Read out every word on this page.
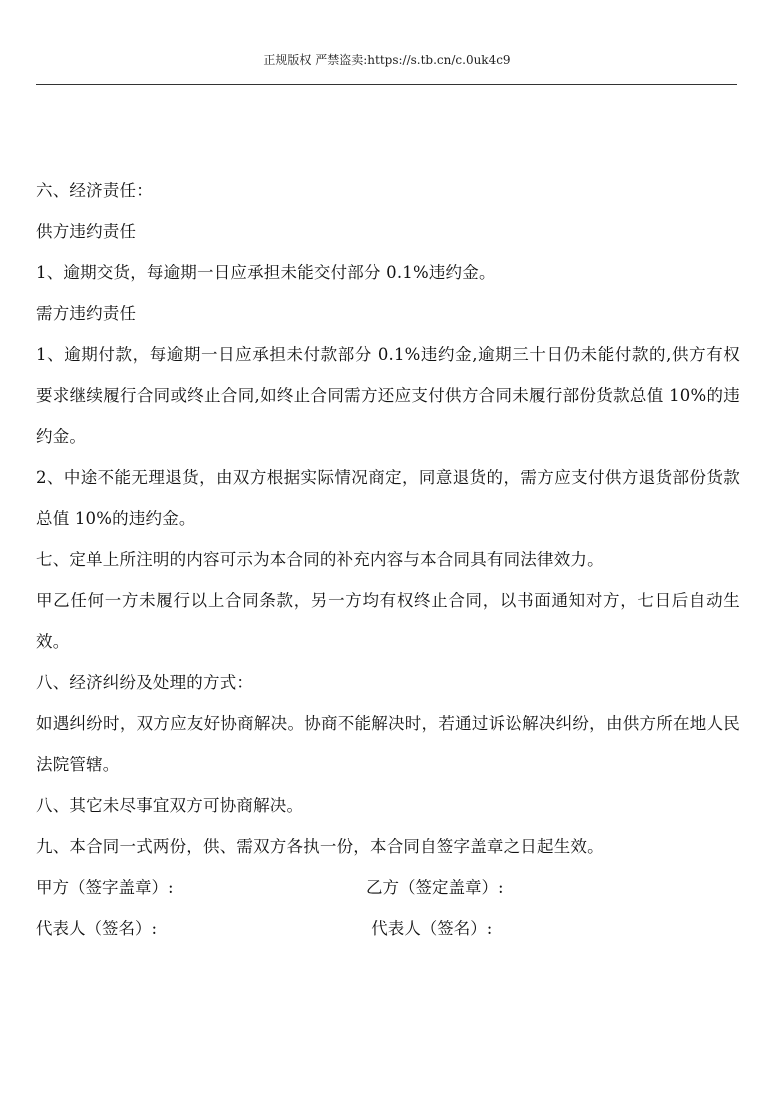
正规版权 严禁盗卖:https://s.tb.cn/c.0uk4c9

六、经济责任：

供方违约责任

1、逾期交货，每逾期一日应承担未能交付部分 0.1%违约金。

需方违约责任

1、逾期付款，每逾期一日应承担未付款部分 0.1%违约金,逾期三十日仍未能付款的,供方有权要求继续履行合同或终止合同,如终止合同需方还应支付供方合同未履行部份货款总值 10%的违约金。

2、中途不能无理退货，由双方根据实际情况商定，同意退货的，需方应支付供方退货部份货款总值 10%的违约金。

七、定单上所注明的内容可示为本合同的补充内容与本合同具有同法律效力。

甲乙任何一方未履行以上合同条款，另一方均有权终止合同，以书面通知对方，七日后自动生效。

八、经济纠纷及处理的方式：

如遇纠纷时，双方应友好协商解决。协商不能解决时，若通过诉讼解决纠纷，由供方所在地人民法院管辖。

八、其它未尽事宜双方可协商解决。

九、本合同一式两份，供、需双方各执一份，本合同自签字盖章之日起生效。

甲方（签字盖章）:	乙方（签定盖章）:
代表人（签名）:	代表人（签名）:
